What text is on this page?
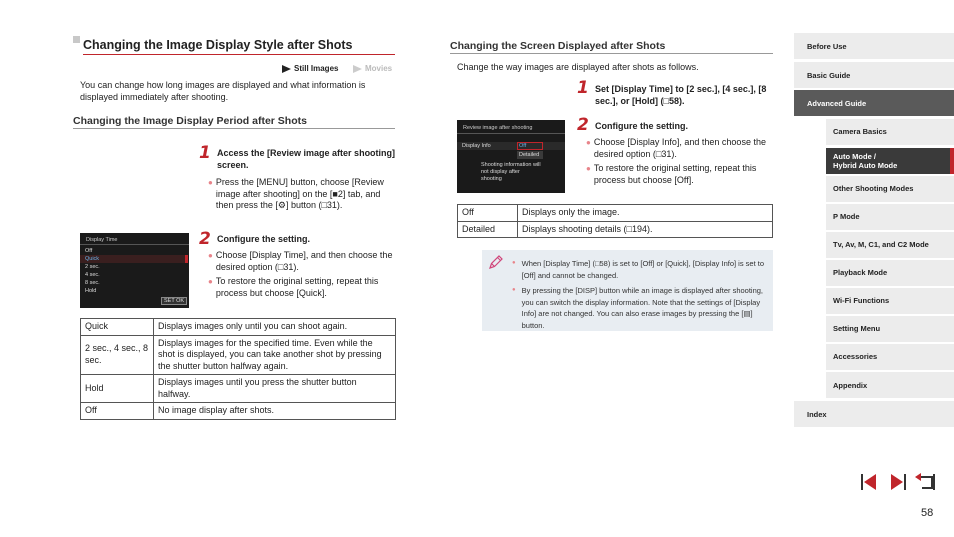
Changing the Image Display Style after Shots
Still Images	Movies
You can change how long images are displayed and what information is displayed immediately after shooting.
Changing the Image Display Period after Shots
1 Access the [Review image after shooting] screen.
● Press the [MENU] button, choose [Review image after shooting] on the [■2] tab, and then press the [⚙] button (□31).
Display Time
Off
Quick
2 sec.
4 sec.
8 sec.
Hold
SET OK
2 Configure the setting.
● Choose [Display Time], and then choose the desired option (□31).
● To restore the original setting, repeat this process but choose [Quick].
Quick	Displays images only until you can shoot again.
2 sec., 4 sec., 8 sec.	Displays images for the specified time. Even while the shot is displayed, you can take another shot by pressing the shutter button halfway again.
Hold	Displays images until you press the shutter button halfway.
Off	No image display after shots.
Changing the Screen Displayed after Shots
Change the way images are displayed after shots as follows.
1 Set [Display Time] to [2 sec.], [4 sec.], [8 sec.], or [Hold] (□58).
Review image after shooting
Display Info	Off
Detailed
Shooting information will not display after shooting
2 Configure the setting.
● Choose [Display Info], and then choose the desired option (□31).
● To restore the original setting, repeat this process but choose [Off].
Off	Displays only the image.
Detailed	Displays shooting details (□194).
● When [Display Time] (□58) is set to [Off] or [Quick], [Display Info] is set to [Off] and cannot be changed.
● By pressing the [DISP] button while an image is displayed after shooting, you can switch the display information. Note that the settings of [Display Info] are not changed. You can also erase images by pressing the [▤] button.
Before Use
Basic Guide
Advanced Guide
Camera Basics
Auto Mode /
Hybrid Auto Mode
Other Shooting Modes
P Mode
Tv, Av, M, C1, and C2 Mode
Playback Mode
Wi-Fi Functions
Setting Menu
Accessories
Appendix
Index
58
